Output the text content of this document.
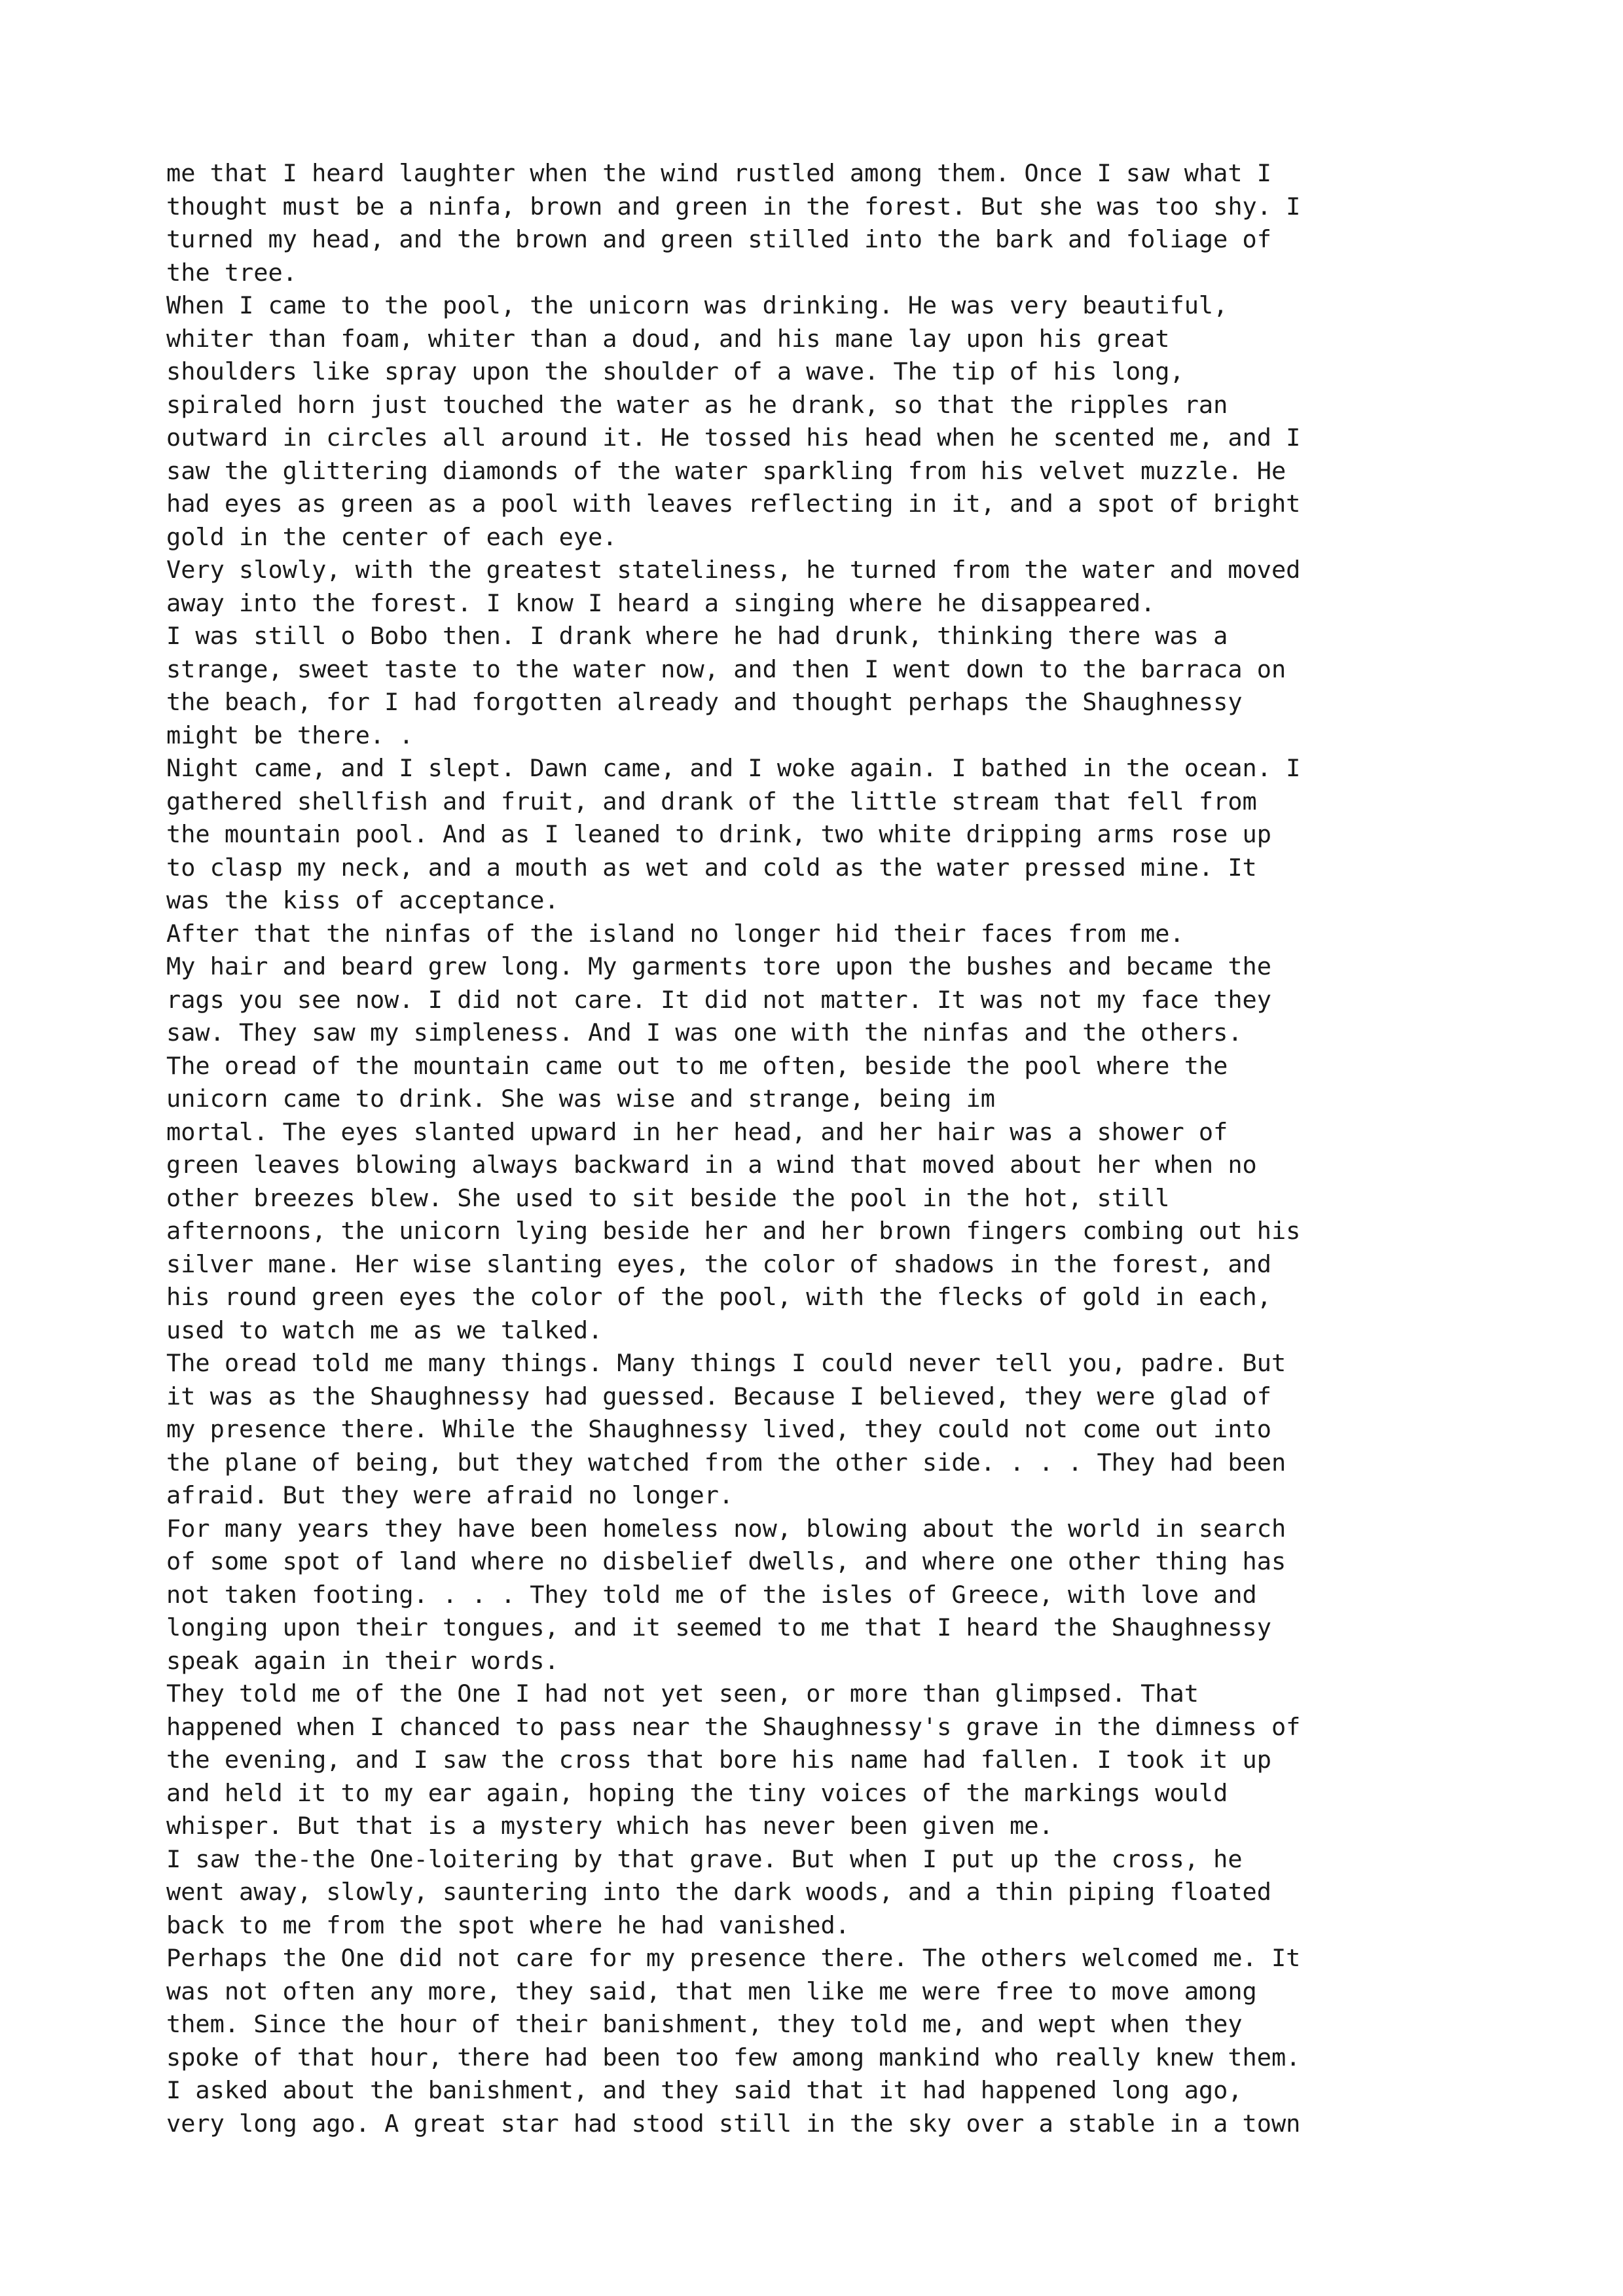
me that I heard laughter when the wind rustled among them. Once I saw what I
thought must be a ninfa, brown and green in the forest. But she was too shy. I
turned my head, and the brown and green stilled into the bark and foliage of
the tree.
When I came to the pool, the unicorn was drinking. He was very beautiful,
whiter than foam, whiter than a doud, and his mane lay upon his great
shoulders like spray upon the shoulder of a wave. The tip of his long,
spiraled horn just touched the water as he drank, so that the ripples ran
outward in circles all around it. He tossed his head when he scented me, and I
saw the glittering diamonds of the water sparkling from his velvet muzzle. He
had eyes as green as a pool with leaves reflecting in it, and a spot of bright
gold in the center of each eye.
Very slowly, with the greatest stateliness, he turned from the water and moved
away into the forest. I know I heard a singing where he disappeared.
I was still o Bobo then. I drank where he had drunk, thinking there was a
strange, sweet taste to the water now, and then I went down to the barraca on
the beach, for I had forgotten already and thought perhaps the Shaughnessy
might be there. .
Night came, and I slept. Dawn came, and I woke again. I bathed in the ocean. I
gathered shellfish and fruit, and drank of the little stream that fell from
the mountain pool. And as I leaned to drink, two white dripping arms rose up
to clasp my neck, and a mouth as wet and cold as the water pressed mine. It
was the kiss of acceptance.
After that the ninfas of the island no longer hid their faces from me.
My hair and beard grew long. My garments tore upon the bushes and became the
rags you see now. I did not care. It did not matter. It was not my face they
saw. They saw my simpleness. And I was one with the ninfas and the others.
The oread of the mountain came out to me often, beside the pool where the
unicorn came to drink. She was wise and strange, being im
mortal. The eyes slanted upward in her head, and her hair was a shower of
green leaves blowing always backward in a wind that moved about her when no
other breezes blew. She used to sit beside the pool in the hot, still
afternoons, the unicorn lying beside her and her brown fingers combing out his
silver mane. Her wise slanting eyes, the color of shadows in the forest, and
his round green eyes the color of the pool, with the flecks of gold in each,
used to watch me as we talked.
The oread told me many things. Many things I could never tell you, padre. But
it was as the Shaughnessy had guessed. Because I believed, they were glad of
my presence there. While the Shaughnessy lived, they could not come out into
the plane of being, but they watched from the other side. . . . They had been
afraid. But they were afraid no longer.
For many years they have been homeless now, blowing about the world in search
of some spot of land where no disbelief dwells, and where one other thing has
not taken footing. . . . They told me of the isles of Greece, with love and
longing upon their tongues, and it seemed to me that I heard the Shaughnessy
speak again in their words.
They told me of the One I had not yet seen, or more than glimpsed. That
happened when I chanced to pass near the Shaughnessy's grave in the dimness of
the evening, and I saw the cross that bore his name had fallen. I took it up
and held it to my ear again, hoping the tiny voices of the markings would
whisper. But that is a mystery which has never been given me.
I saw the-the One-loitering by that grave. But when I put up the cross, he
went away, slowly, sauntering into the dark woods, and a thin piping floated
back to me from the spot where he had vanished.
Perhaps the One did not care for my presence there. The others welcomed me. It
was not often any more, they said, that men like me were free to move among
them. Since the hour of their banishment, they told me, and wept when they
spoke of that hour, there had been too few among mankind who really knew them.
I asked about the banishment, and they said that it had happened long ago,
very long ago. A great star had stood still in the sky over a stable in a town
